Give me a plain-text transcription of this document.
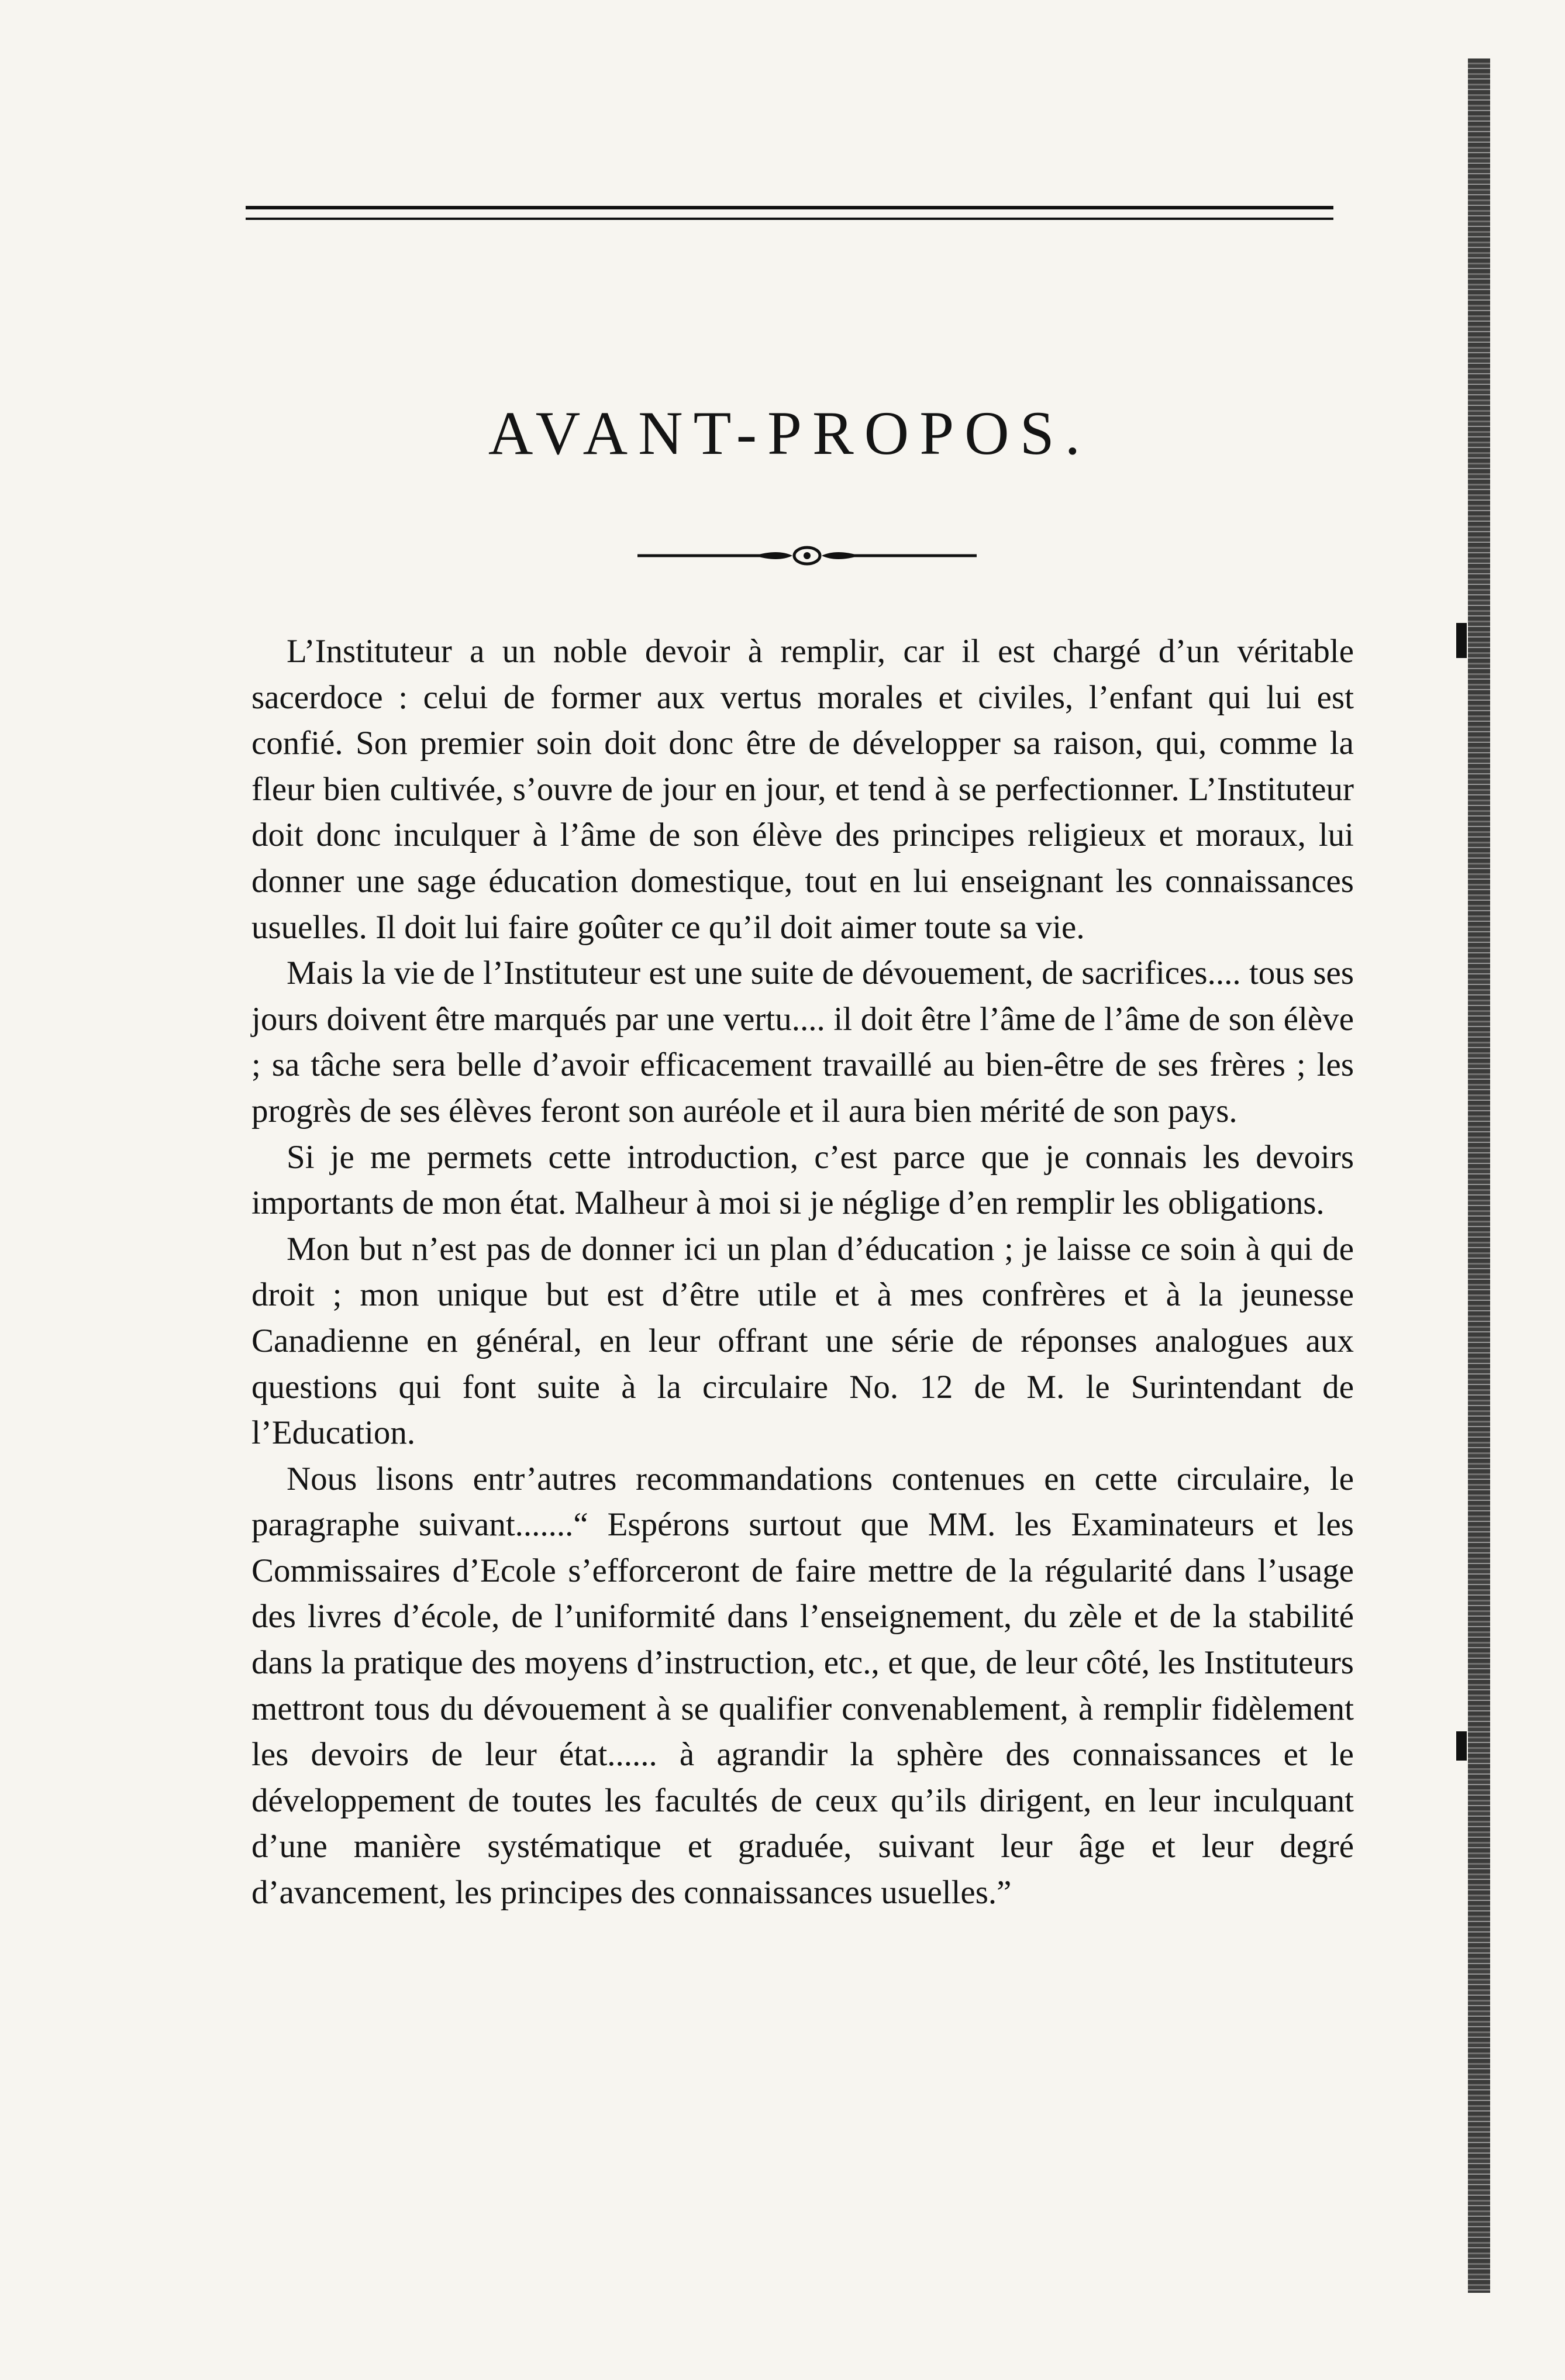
AVANT-PROPOS.

L’Instituteur a un noble devoir à remplir, car il est chargé d’un véritable sacerdoce : celui de former aux vertus morales et civiles, l’enfant qui lui est confié. Son premier soin doit donc être de développer sa raison, qui, comme la fleur bien cultivée, s’ouvre de jour en jour, et tend à se perfectionner. L’Instituteur doit donc inculquer à l’âme de son élève des principes religieux et moraux, lui donner une sage éducation domestique, tout en lui enseignant les connaissances usuelles. Il doit lui faire goûter ce qu’il doit aimer toute sa vie.

Mais la vie de l’Instituteur est une suite de dévouement, de sacrifices.... tous ses jours doivent être marqués par une vertu.... il doit être l’âme de l’âme de son élève ; sa tâche sera belle d’avoir efficacement travaillé au bien-être de ses frères ; les progrès de ses élèves feront son auréole et il aura bien mérité de son pays.

Si je me permets cette introduction, c’est parce que je connais les devoirs importants de mon état. Malheur à moi si je néglige d’en remplir les obligations.

Mon but n’est pas de donner ici un plan d’éducation ; je laisse ce soin à qui de droit ; mon unique but est d’être utile et à mes confrères et à la jeunesse Canadienne en général, en leur offrant une série de réponses analogues aux questions qui font suite à la circulaire No. 12 de M. le Surintendant de l’Education.

Nous lisons entr’autres recommandations contenues en cette circulaire, le paragraphe suivant.......“ Espérons surtout que MM. les Examinateurs et les Commissaires d’Ecole s’efforceront de faire mettre de la régularité dans l’usage des livres d’école, de l’uniformité dans l’enseignement, du zèle et de la stabilité dans la pratique des moyens d’instruction, etc., et que, de leur côté, les Instituteurs mettront tous du dévouement à se qualifier convenablement, à remplir fidèlement les devoirs de leur état...... à agrandir la sphère des connaissances et le développement de toutes les facultés de ceux qu’ils dirigent, en leur inculquant d’une manière systématique et graduée, suivant leur âge et leur degré d’avancement, les principes des connaissances usuelles.”
